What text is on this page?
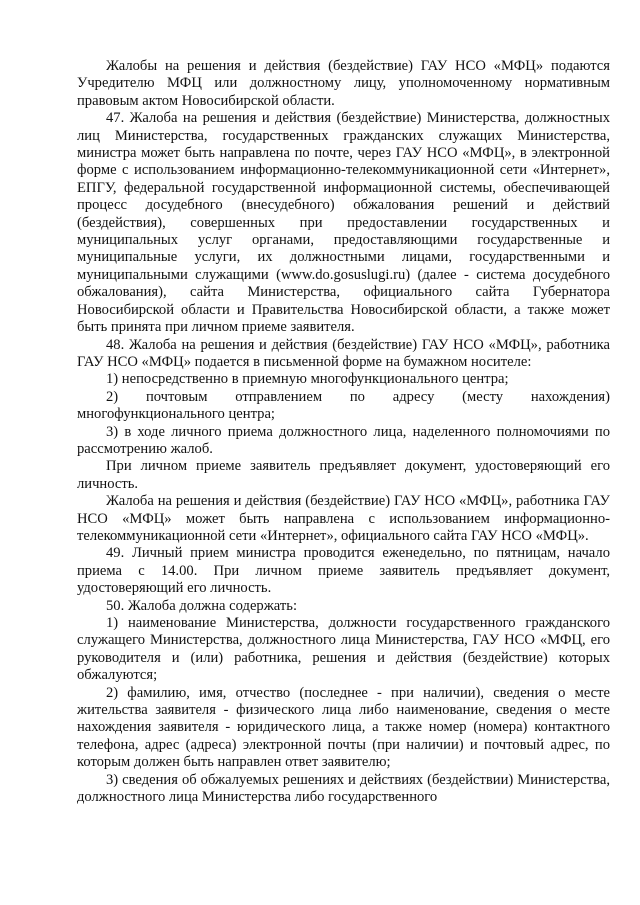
Жалобы на решения и действия (бездействие) ГАУ НСО «МФЦ» подаются Учредителю МФЦ или должностному лицу, уполномоченному нормативным правовым актом Новосибирской области.

47. Жалоба на решения и действия (бездействие) Министерства, должностных лиц Министерства, государственных гражданских служащих Министерства, министра может быть направлена по почте, через ГАУ НСО «МФЦ», в электронной форме с использованием информационно-телекоммуникационной сети «Интернет», ЕПГУ, федеральной государственной информационной системы, обеспечивающей процесс досудебного (внесудебного) обжалования решений и действий (бездействия), совершенных при предоставлении государственных и муниципальных услуг органами, предоставляющими государственные и муниципальные услуги, их должностными лицами, государственными и муниципальными служащими (www.do.gosuslugi.ru) (далее - система досудебного обжалования), сайта Министерства, официального сайта Губернатора Новосибирской области и Правительства Новосибирской области, а также может быть принята при личном приеме заявителя.

48. Жалоба на решения и действия (бездействие) ГАУ НСО «МФЦ», работника ГАУ НСО «МФЦ» подается в письменной форме на бумажном носителе:

1) непосредственно в приемную многофункционального центра;

2) почтовым отправлением по адресу (месту нахождения) многофункционального центра;

3) в ходе личного приема должностного лица, наделенного полномочиями по рассмотрению жалоб.

При личном приеме заявитель предъявляет документ, удостоверяющий его личность.

Жалоба на решения и действия (бездействие) ГАУ НСО «МФЦ», работника ГАУ НСО «МФЦ» может быть направлена с использованием информационно-телекоммуникационной сети «Интернет», официального сайта ГАУ НСО «МФЦ».

49. Личный прием министра проводится еженедельно, по пятницам, начало приема с 14.00. При личном приеме заявитель предъявляет документ, удостоверяющий его личность.

50. Жалоба должна содержать:

1) наименование Министерства, должности государственного гражданского служащего Министерства, должностного лица Министерства, ГАУ НСО «МФЦ, его руководителя и (или) работника, решения и действия (бездействие) которых обжалуются;

2) фамилию, имя, отчество (последнее - при наличии), сведения о месте жительства заявителя - физического лица либо наименование, сведения о месте нахождения заявителя - юридического лица, а также номер (номера) контактного телефона, адрес (адреса) электронной почты (при наличии) и почтовый адрес, по которым должен быть направлен ответ заявителю;

3) сведения об обжалуемых решениях и действиях (бездействии) Министерства, должностного лица Министерства либо государственного
